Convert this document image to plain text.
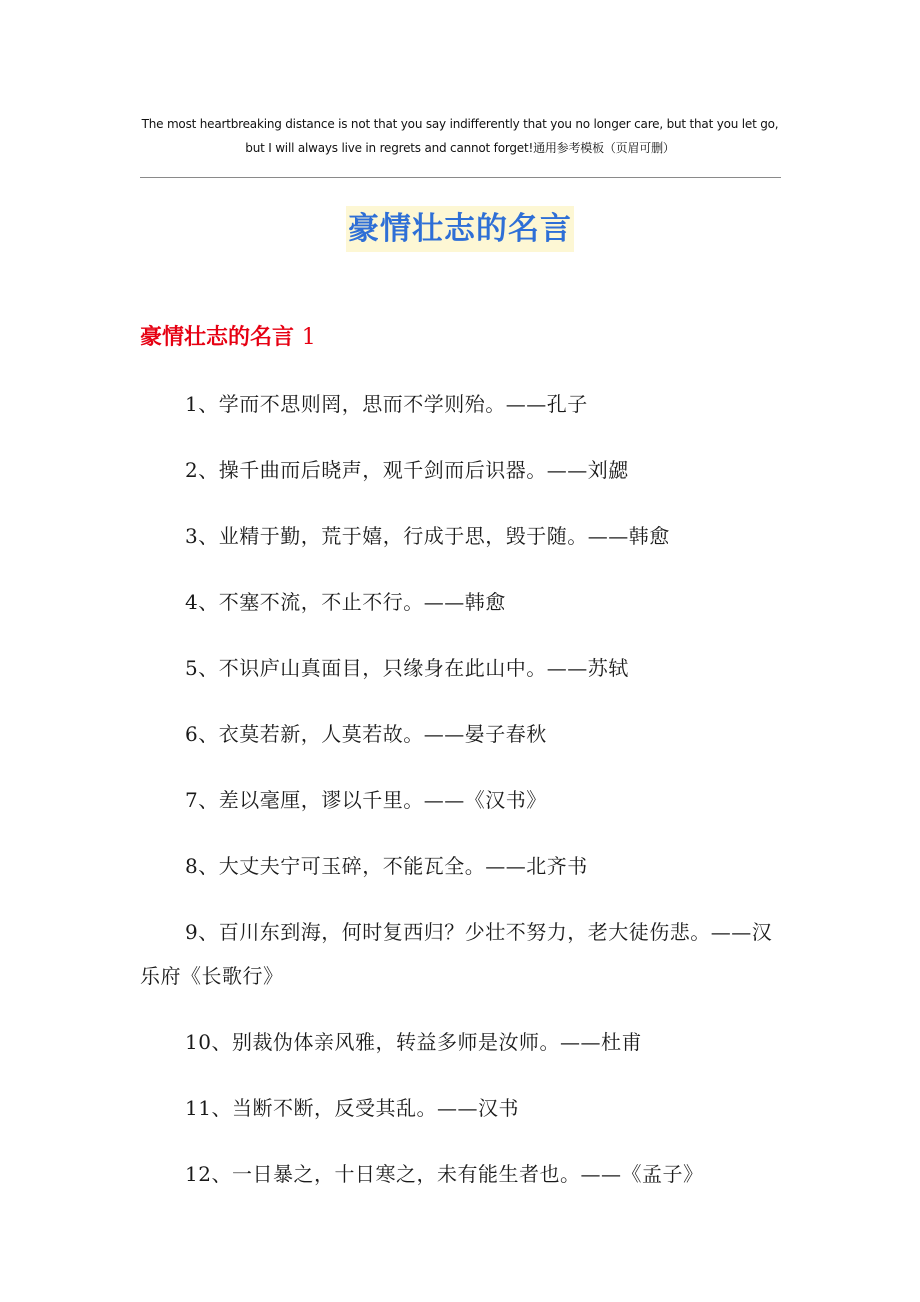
The most heartbreaking distance is not that you say indifferently that you no longer care, but that you let go, but I will always live in regrets and cannot forget!通用参考模板（页眉可删）
豪情壮志的名言
豪情壮志的名言 1
1、学而不思则罔，思而不学则殆。——孔子
2、操千曲而后晓声，观千剑而后识器。——刘勰
3、业精于勤，荒于嬉，行成于思，毁于随。——韩愈
4、不塞不流，不止不行。——韩愈
5、不识庐山真面目，只缘身在此山中。——苏轼
6、衣莫若新，人莫若故。——晏子春秋
7、差以毫厘，谬以千里。——《汉书》
8、大丈夫宁可玉碎，不能瓦全。——北齐书
9、百川东到海，何时复西归？少壮不努力，老大徒伤悲。——汉乐府《长歌行》
10、别裁伪体亲风雅，转益多师是汝师。——杜甫
11、当断不断，反受其乱。——汉书
12、一日暴之，十日寒之，未有能生者也。——《孟子》
